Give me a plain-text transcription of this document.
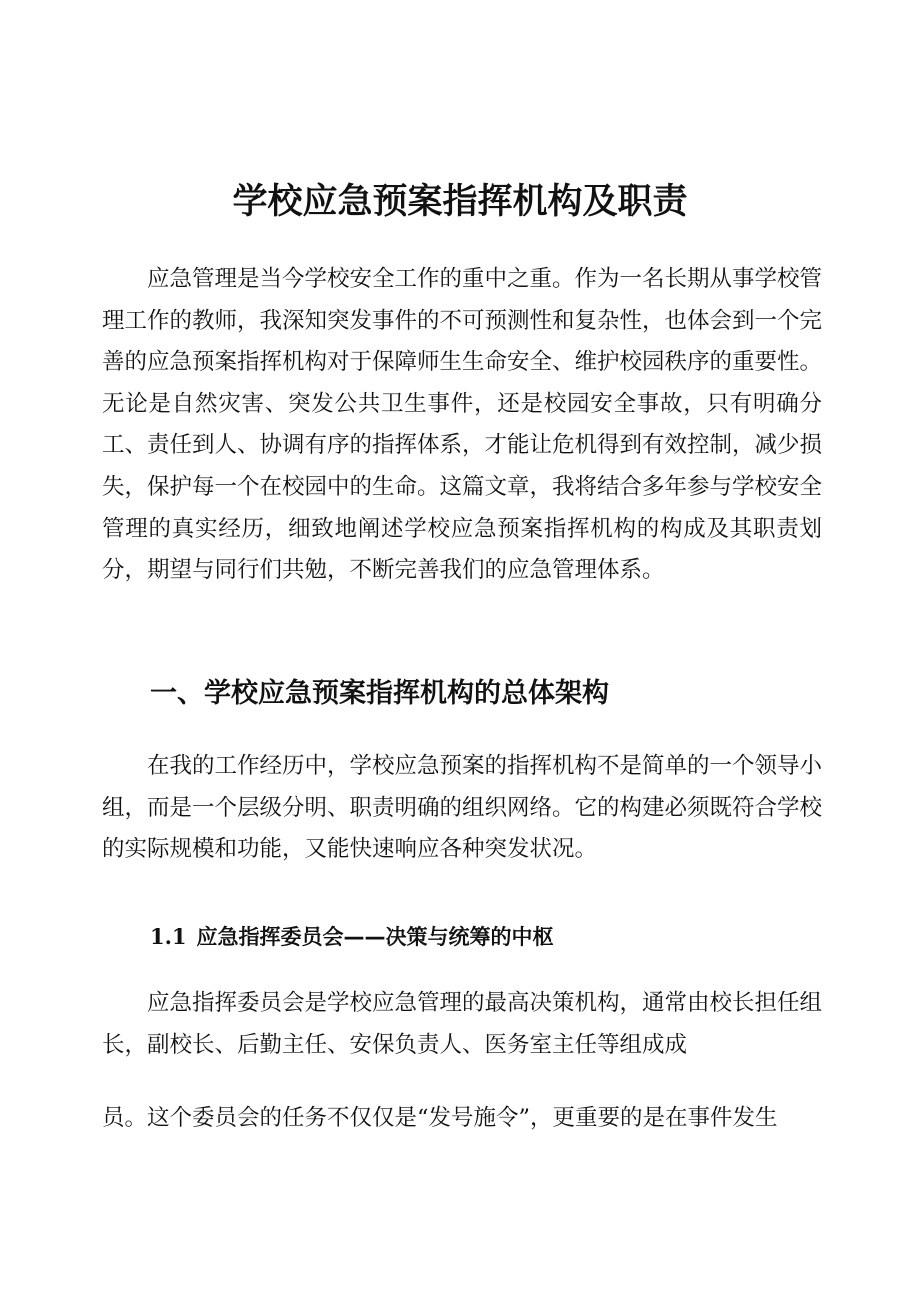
学校应急预案指挥机构及职责

应急管理是当今学校安全工作的重中之重。作为一名长期从事学校管理工作的教师，我深知突发事件的不可预测性和复杂性，也体会到一个完善的应急预案指挥机构对于保障师生生命安全、维护校园秩序的重要性。无论是自然灾害、突发公共卫生事件，还是校园安全事故，只有明确分工、责任到人、协调有序的指挥体系，才能让危机得到有效控制，减少损失，保护每一个在校园中的生命。这篇文章，我将结合多年参与学校安全管理的真实经历，细致地阐述学校应急预案指挥机构的构成及其职责划分，期望与同行们共勉，不断完善我们的应急管理体系。

一、学校应急预案指挥机构的总体架构

在我的工作经历中，学校应急预案的指挥机构不是简单的一个领导小组，而是一个层级分明、职责明确的组织网络。它的构建必须既符合学校的实际规模和功能，又能快速响应各种突发状况。

1.1 应急指挥委员会——决策与统筹的中枢

应急指挥委员会是学校应急管理的最高决策机构，通常由校长担任组长，副校长、后勤主任、安保负责人、医务室主任等组成成

员。这个委员会的任务不仅仅是“发号施令”，更重要的是在事件发生
